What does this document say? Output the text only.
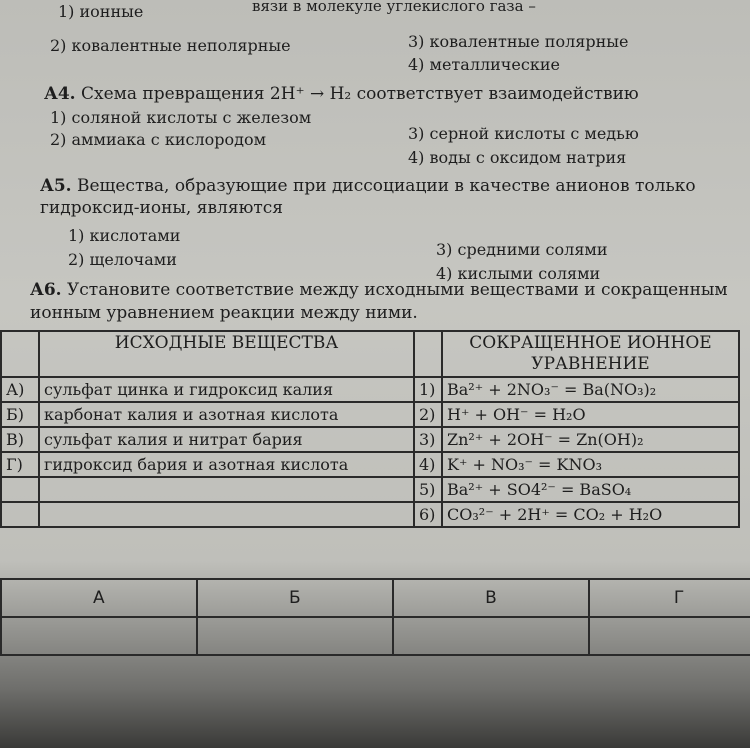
вязи в молекуле углекислого газа –
1) ионные
2) ковалентные неполярные	3) ковалентные полярные
4) металлические
А4. Схема превращения 2H⁺ → H₂ соответствует взаимодействию
1) соляной кислоты с железом
2) аммиака с кислородом	3) серной кислоты с медью
4) воды с оксидом натрия
А5. Вещества, образующие при диссоциации в качестве анионов только
гидроксид-ионы, являются
1) кислотами
2) щелочами
3) средними солями
4) кислыми солями
А6. Установите соответствие между исходными веществами и сокращенным
ионным уравнением реакции между ними.
	ИСХОДНЫЕ ВЕЩЕСТВА		СОКРАЩЕННОЕ ИОННОЕ
УРАВНЕНИЕ

А)	сульфат цинка и гидроксид калия	1)	Ba²⁺ + 2NO₃⁻ = Ba(NO₃)₂
Б)	карбонат калия и азотная кислота	2)	H⁺ + OH⁻ = H₂O
В)	сульфат калия и нитрат бария	3)	Zn²⁺ + 2OH⁻ = Zn(OH)₂
Г)	гидроксид бария и азотная кислота	4)	K⁺ + NO₃⁻ = KNO₃
		5)	Ba²⁺ + SO4²⁻ = BaSO₄
		6)	CO₃²⁻ + 2H⁺ = CO₂ + H₂O
А	Б	В	Г
